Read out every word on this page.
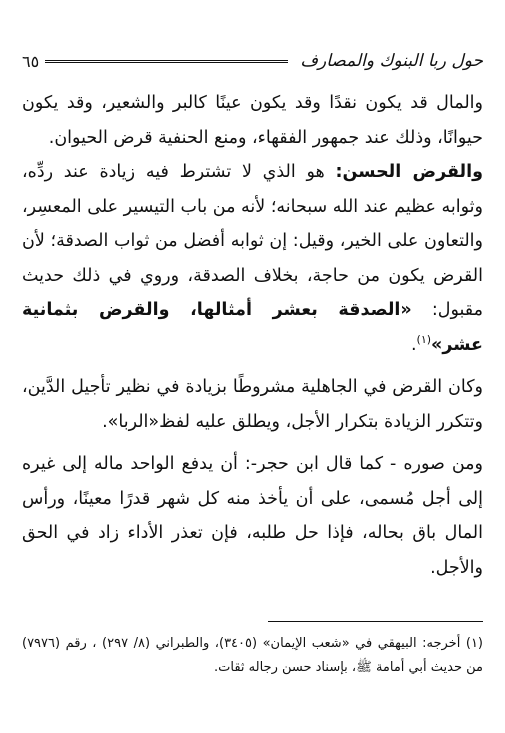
حول ربا البنوك والمصارف
٦٥

والمال قد يكون نقدًا وقد يكون عينًا كالبر والشعير، وقد يكون حيوانًا، وذلك عند جمهور الفقهاء، ومنع الحنفية قرض الحيوان.

والقرض الحسن: هو الذي لا تشترط فيه زيادة عند ردِّه، وثوابه عظيم عند الله سبحانه؛ لأنه من باب التيسير على المعسِر، والتعاون على الخير، وقيل: إن ثوابه أفضل من ثواب الصدقة؛ لأن القرض يكون من حاجة، بخلاف الصدقة، وروي في ذلك حديث مقبول: «الصدقة بعشر أمثالها، والقرض بثمانية عشر»$^{(١)}$.

وكان القرض في الجاهلية مشروطًا بزيادة في نظير تأجيل الدَّين، وتتكرر الزيادة بتكرار الأجل، ويطلق عليه لفظ«الربا».

ومن صوره - كما قال ابن حجر-: أن يدفع الواحد ماله إلى غيره إلى أجل مُسمى، على أن يأخذ منه كل شهر قدرًا معينًا، ورأس المال باق بحاله، فإذا حل طلبه، فإن تعذر الأداء زاد في الحق والأجل.

(١) أخرجه: البيهقي في «شعب الإيمان» (٣٤٠٥)، والطبراني (٨/ ٢٩٧) ، رقم (٧٩٧٦) من حديث أبي أمامة ﷺ، بإسناد حسن رجاله ثقات.
